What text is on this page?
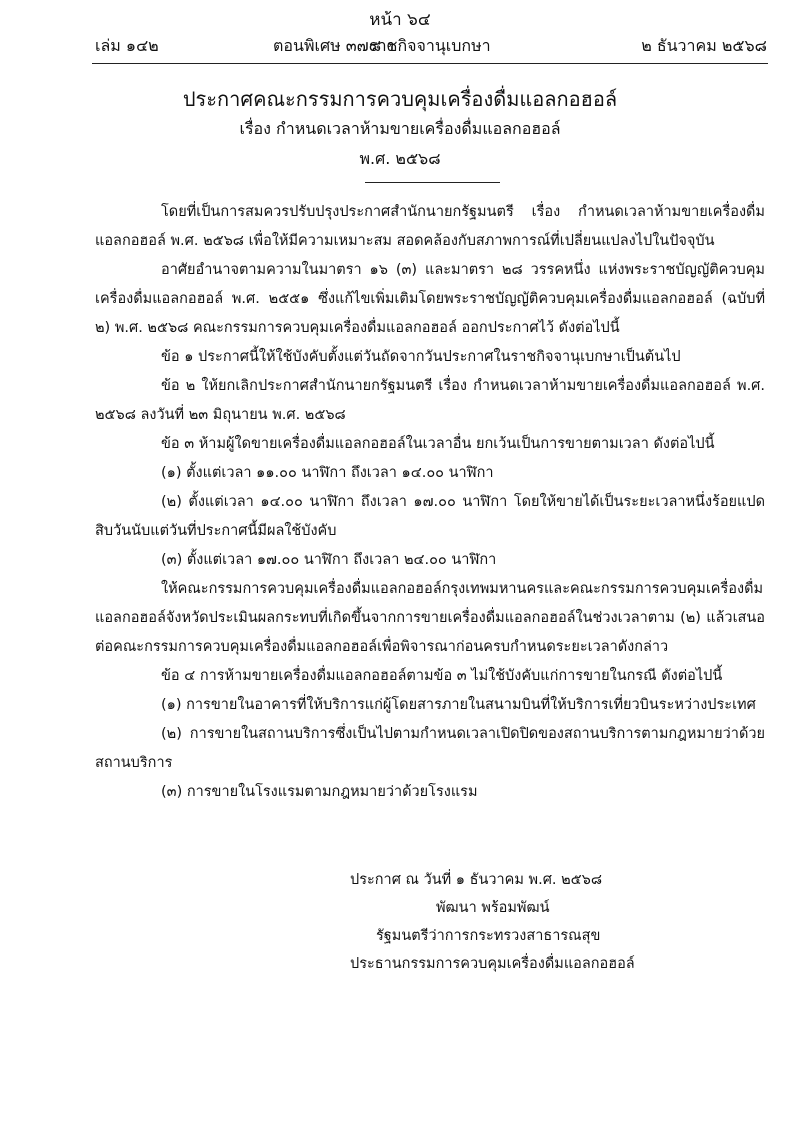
หน้า ๖๔
เล่ม ๑๔๒	ตอนพิเศษ ๓๗๘ ง
ราชกิจจานุเบกษา	๒ ธันวาคม ๒๕๖๘
ประกาศคณะกรรมการควบคุมเครื่องดื่มแอลกอฮอล์
เรื่อง กำหนดเวลาห้ามขายเครื่องดื่มแอลกอฮอล์
พ.ศ. ๒๕๖๘

โดยที่เป็นการสมควรปรับปรุงประกาศสำนักนายกรัฐมนตรี เรื่อง กำหนดเวลาห้ามขายเครื่องดื่มแอลกอฮอล์ พ.ศ. ๒๕๖๘ เพื่อให้มีความเหมาะสม สอดคล้องกับสภาพการณ์ที่เปลี่ยนแปลงไปในปัจจุบัน

อาศัยอำนาจตามความในมาตรา ๑๖ (๓) และมาตรา ๒๘ วรรคหนึ่ง แห่งพระราชบัญญัติควบคุมเครื่องดื่มแอลกอฮอล์ พ.ศ. ๒๕๕๑ ซึ่งแก้ไขเพิ่มเติมโดยพระราชบัญญัติควบคุมเครื่องดื่มแอลกอฮอล์ (ฉบับที่ ๒) พ.ศ. ๒๕๖๘ คณะกรรมการควบคุมเครื่องดื่มแอลกอฮอล์ ออกประกาศไว้ ดังต่อไปนี้

ข้อ ๑ ประกาศนี้ให้ใช้บังคับตั้งแต่วันถัดจากวันประกาศในราชกิจจานุเบกษาเป็นต้นไป

ข้อ ๒ ให้ยกเลิกประกาศสำนักนายกรัฐมนตรี เรื่อง กำหนดเวลาห้ามขายเครื่องดื่มแอลกอฮอล์ พ.ศ. ๒๕๖๘ ลงวันที่ ๒๓ มิถุนายน พ.ศ. ๒๕๖๘

ข้อ ๓ ห้ามผู้ใดขายเครื่องดื่มแอลกอฮอล์ในเวลาอื่น ยกเว้นเป็นการขายตามเวลา ดังต่อไปนี้

(๑) ตั้งแต่เวลา ๑๑.๐๐ นาฬิกา ถึงเวลา ๑๔.๐๐ นาฬิกา

(๒) ตั้งแต่เวลา ๑๔.๐๐ นาฬิกา ถึงเวลา ๑๗.๐๐ นาฬิกา โดยให้ขายได้เป็นระยะเวลาหนึ่งร้อยแปดสิบวันนับแต่วันที่ประกาศนี้มีผลใช้บังคับ

(๓) ตั้งแต่เวลา ๑๗.๐๐ นาฬิกา ถึงเวลา ๒๔.๐๐ นาฬิกา

ให้คณะกรรมการควบคุมเครื่องดื่มแอลกอฮอล์กรุงเทพมหานครและคณะกรรมการควบคุมเครื่องดื่มแอลกอฮอล์จังหวัดประเมินผลกระทบที่เกิดขึ้นจากการขายเครื่องดื่มแอลกอฮอล์ในช่วงเวลาตาม (๒) แล้วเสนอต่อคณะกรรมการควบคุมเครื่องดื่มแอลกอฮอล์เพื่อพิจารณาก่อนครบกำหนดระยะเวลาดังกล่าว

ข้อ ๔ การห้ามขายเครื่องดื่มแอลกอฮอล์ตามข้อ ๓ ไม่ใช้บังคับแก่การขายในกรณี ดังต่อไปนี้

(๑) การขายในอาคารที่ให้บริการแก่ผู้โดยสารภายในสนามบินที่ให้บริการเที่ยวบินระหว่างประเทศ

(๒) การขายในสถานบริการซึ่งเป็นไปตามกำหนดเวลาเปิดปิดของสถานบริการตามกฎหมายว่าด้วยสถานบริการ

(๓) การขายในโรงแรมตามกฎหมายว่าด้วยโรงแรม

ประกาศ ณ วันที่ ๑ ธันวาคม พ.ศ. ๒๕๖๘
พัฒนา พร้อมพัฒน์
รัฐมนตรีว่าการกระทรวงสาธารณสุข
ประธานกรรมการควบคุมเครื่องดื่มแอลกอฮอล์
